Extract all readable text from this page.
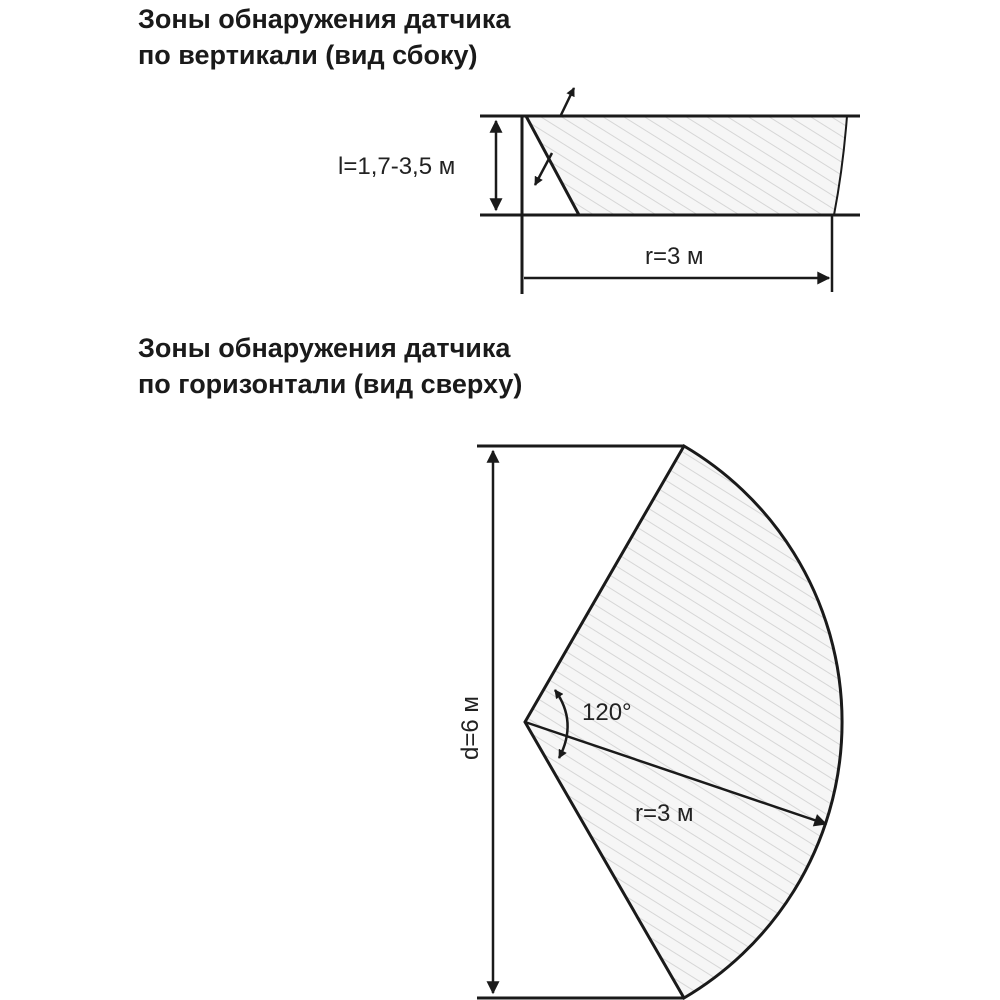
Зоны обнаружения датчика
по вертикали (вид сбоку)
Зоны обнаружения датчика
по горизонтали (вид сверху)
l=1,7-3,5 м
r=3 м
120°
r=3 м
d=6 м
